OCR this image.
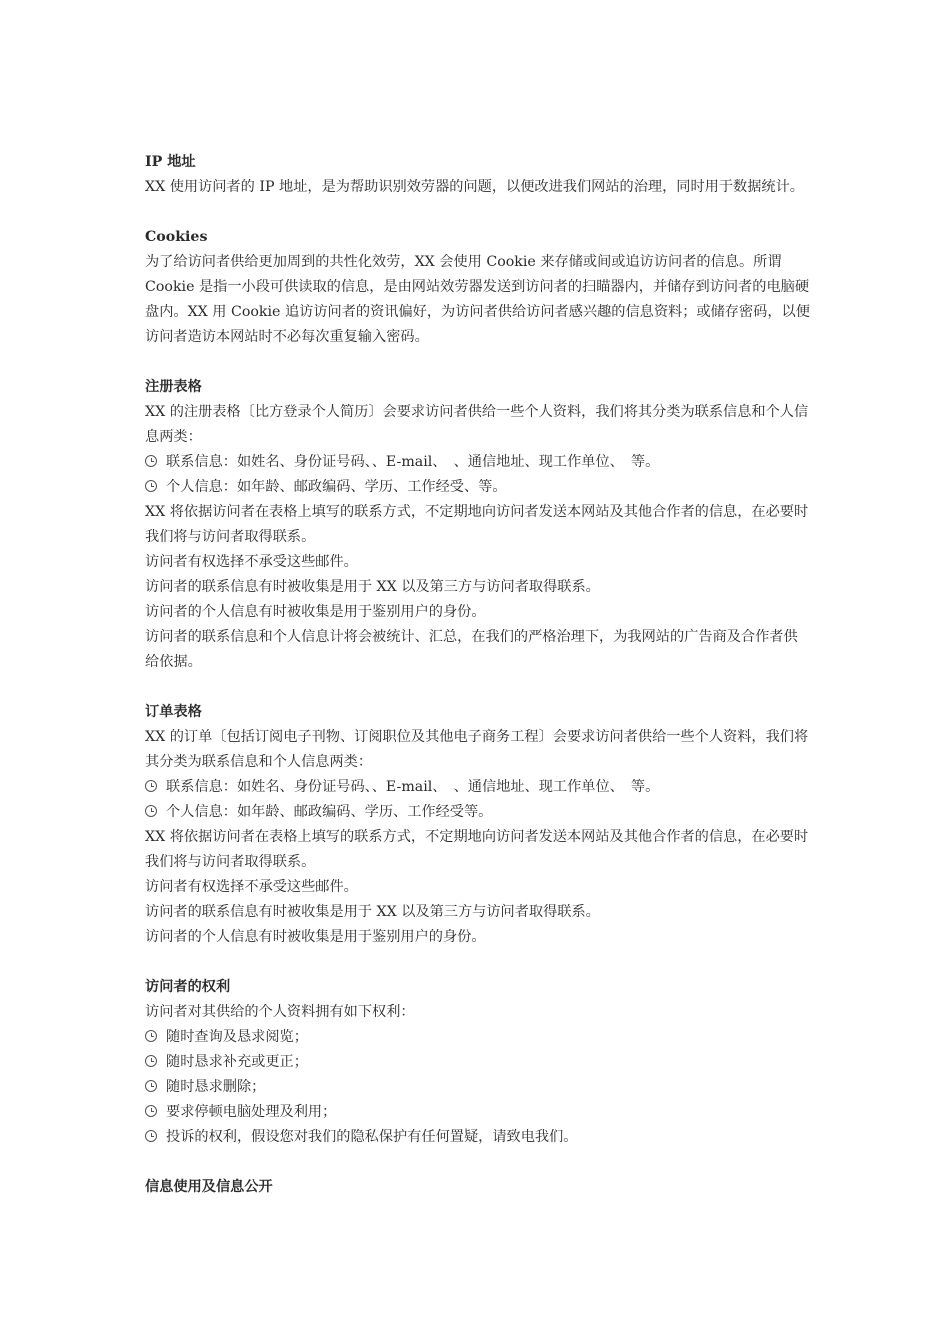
IP 地址

XX 使用访问者的 IP 地址，是为帮助识别效劳器的问题，以便改进我们网站的治理，同时用于数据统计。

Cookies

为了给访问者供给更加周到的共性化效劳，XX 会使用 Cookie 来存储或间或追访访问者的信息。所谓 Cookie 是指一小段可供读取的信息，是由网站效劳器发送到访问者的扫瞄器内，并储存到访问者的电脑硬盘内。XX 用 Cookie 追访访问者的资讯偏好，为访问者供给访问者感兴趣的信息资料；或储存密码，以便访问者造访本网站时不必每次重复输入密码。

注册表格

XX 的注册表格〔比方登录个人简历〕会要求访问者供给一些个人资料，我们将其分类为联系信息和个人信息两类：

联系信息：如姓名、身份证号码、、E-mail、　、通信地址、现工作单位、　等。
个人信息：如年龄、邮政编码、学历、工作经受、等。

XX 将依据访问者在表格上填写的联系方式，不定期地向访问者发送本网站及其他合作者的信息，在必要时我们将与访问者取得联系。

访问者有权选择不承受这些邮件。

访问者的联系信息有时被收集是用于 XX 以及第三方与访问者取得联系。

访问者的个人信息有时被收集是用于鉴别用户的身份。

访问者的联系信息和个人信息计将会被统计、汇总，在我们的严格治理下，为我网站的广告商及合作者供给依据。

订单表格

XX 的订单〔包括订阅电子刊物、订阅职位及其他电子商务工程〕会要求访问者供给一些个人资料，我们将其分类为联系信息和个人信息两类：

联系信息：如姓名、身份证号码、、E-mail、　、通信地址、现工作单位、　等。
个人信息：如年龄、邮政编码、学历、工作经受等。

XX 将依据访问者在表格上填写的联系方式，不定期地向访问者发送本网站及其他合作者的信息，在必要时我们将与访问者取得联系。

访问者有权选择不承受这些邮件。

访问者的联系信息有时被收集是用于 XX 以及第三方与访问者取得联系。

访问者的个人信息有时被收集是用于鉴别用户的身份。

访问者的权利

访问者对其供给的个人资料拥有如下权利：

随时查询及恳求阅览；
随时恳求补充或更正；
随时恳求删除；
要求停顿电脑处理及利用；
投诉的权利，假设您对我们的隐私保护有任何置疑，请致电我们。

信息使用及信息公开
